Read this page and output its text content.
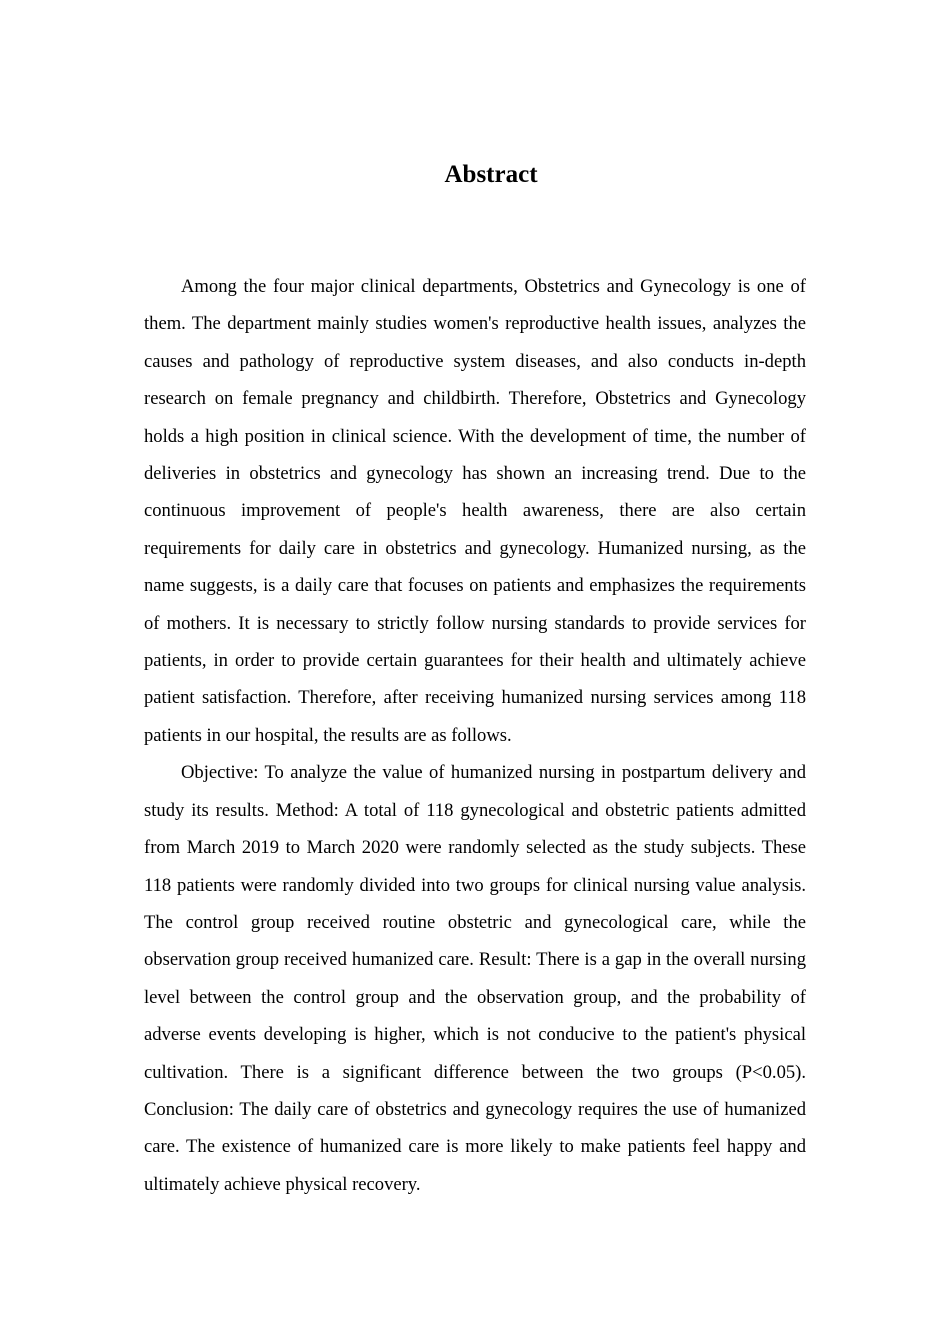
Abstract

Among the four major clinical departments, Obstetrics and Gynecology is one of them. The department mainly studies women's reproductive health issues, analyzes the causes and pathology of reproductive system diseases, and also conducts in-depth research on female pregnancy and childbirth. Therefore, Obstetrics and Gynecology holds a high position in clinical science. With the development of time, the number of deliveries in obstetrics and gynecology has shown an increasing trend. Due to the continuous improvement of people's health awareness, there are also certain requirements for daily care in obstetrics and gynecology. Humanized nursing, as the name suggests, is a daily care that focuses on patients and emphasizes the requirements of mothers. It is necessary to strictly follow nursing standards to provide services for patients, in order to provide certain guarantees for their health and ultimately achieve patient satisfaction. Therefore, after receiving humanized nursing services among 118 patients in our hospital, the results are as follows.

Objective: To analyze the value of humanized nursing in postpartum delivery and study its results. Method: A total of 118 gynecological and obstetric patients admitted from March 2019 to March 2020 were randomly selected as the study subjects. These 118 patients were randomly divided into two groups for clinical nursing value analysis. The control group received routine obstetric and gynecological care, while the observation group received humanized care. Result: There is a gap in the overall nursing level between the control group and the observation group, and the probability of adverse events developing is higher, which is not conducive to the patient's physical cultivation. There is a significant difference between the two groups (P<0.05). Conclusion: The daily care of obstetrics and gynecology requires the use of humanized care. The existence of humanized care is more likely to make patients feel happy and ultimately achieve physical recovery.
